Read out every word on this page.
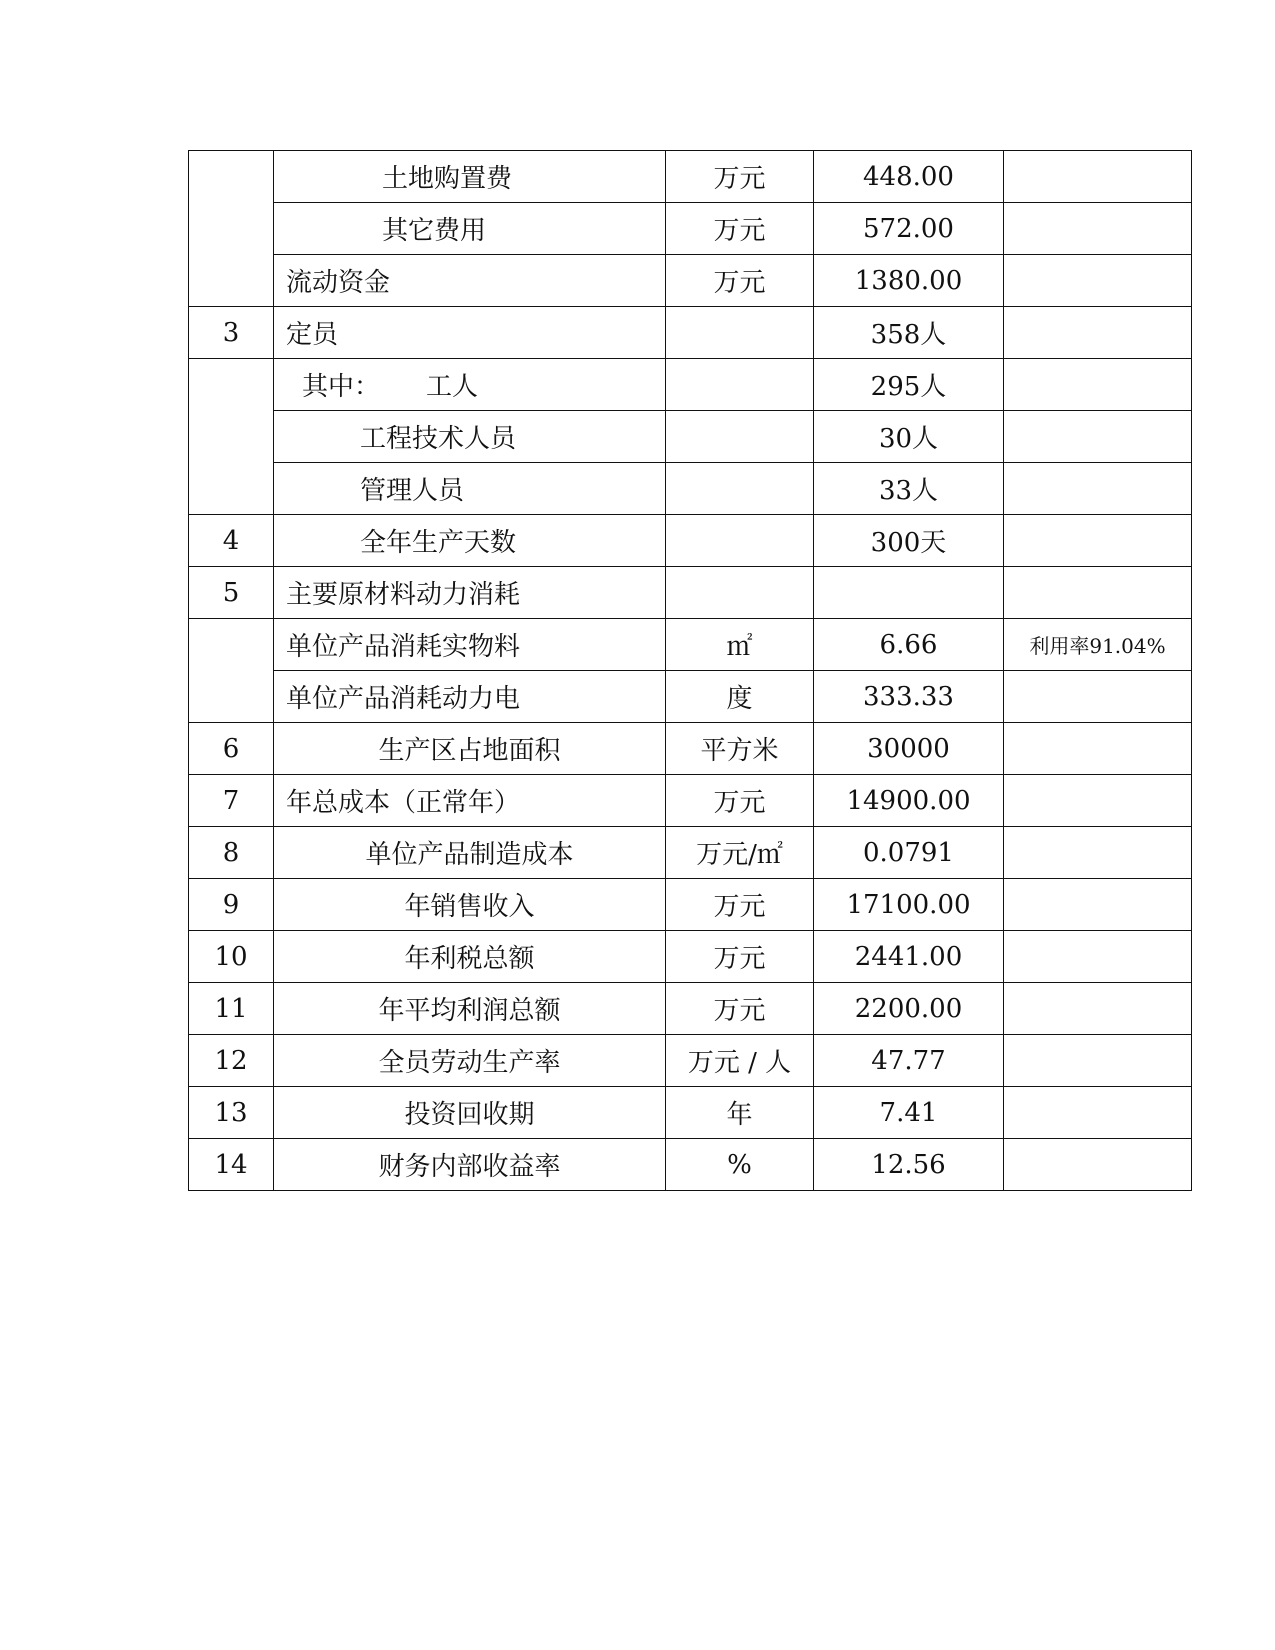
	土地购置费	万元	448.00	
	其它费用	万元	572.00	
	流动资金	万元	1380.00	
3	定员		358人	
	其中： 工人		295人	
	工程技术人员		30人	
	管理人员		33人	
4	全年生产天数		300天	
5	主要原材料动力消耗			
	单位产品消耗实物料	㎡	6.66	利用率91.04%
	单位产品消耗动力电	度	333.33	
6	生产区占地面积	平方米	30000	
7	年总成本（正常年）	万元	14900.00	
8	单位产品制造成本	万元/㎡	0.0791	
9	年销售收入	万元	17100.00	
10	年利税总额	万元	2441.00	
11	年平均利润总额	万元	2200.00	
12	全员劳动生产率	万元 / 人	47.77	
13	投资回收期	年	7.41	
14	财务内部收益率	%	12.56	
